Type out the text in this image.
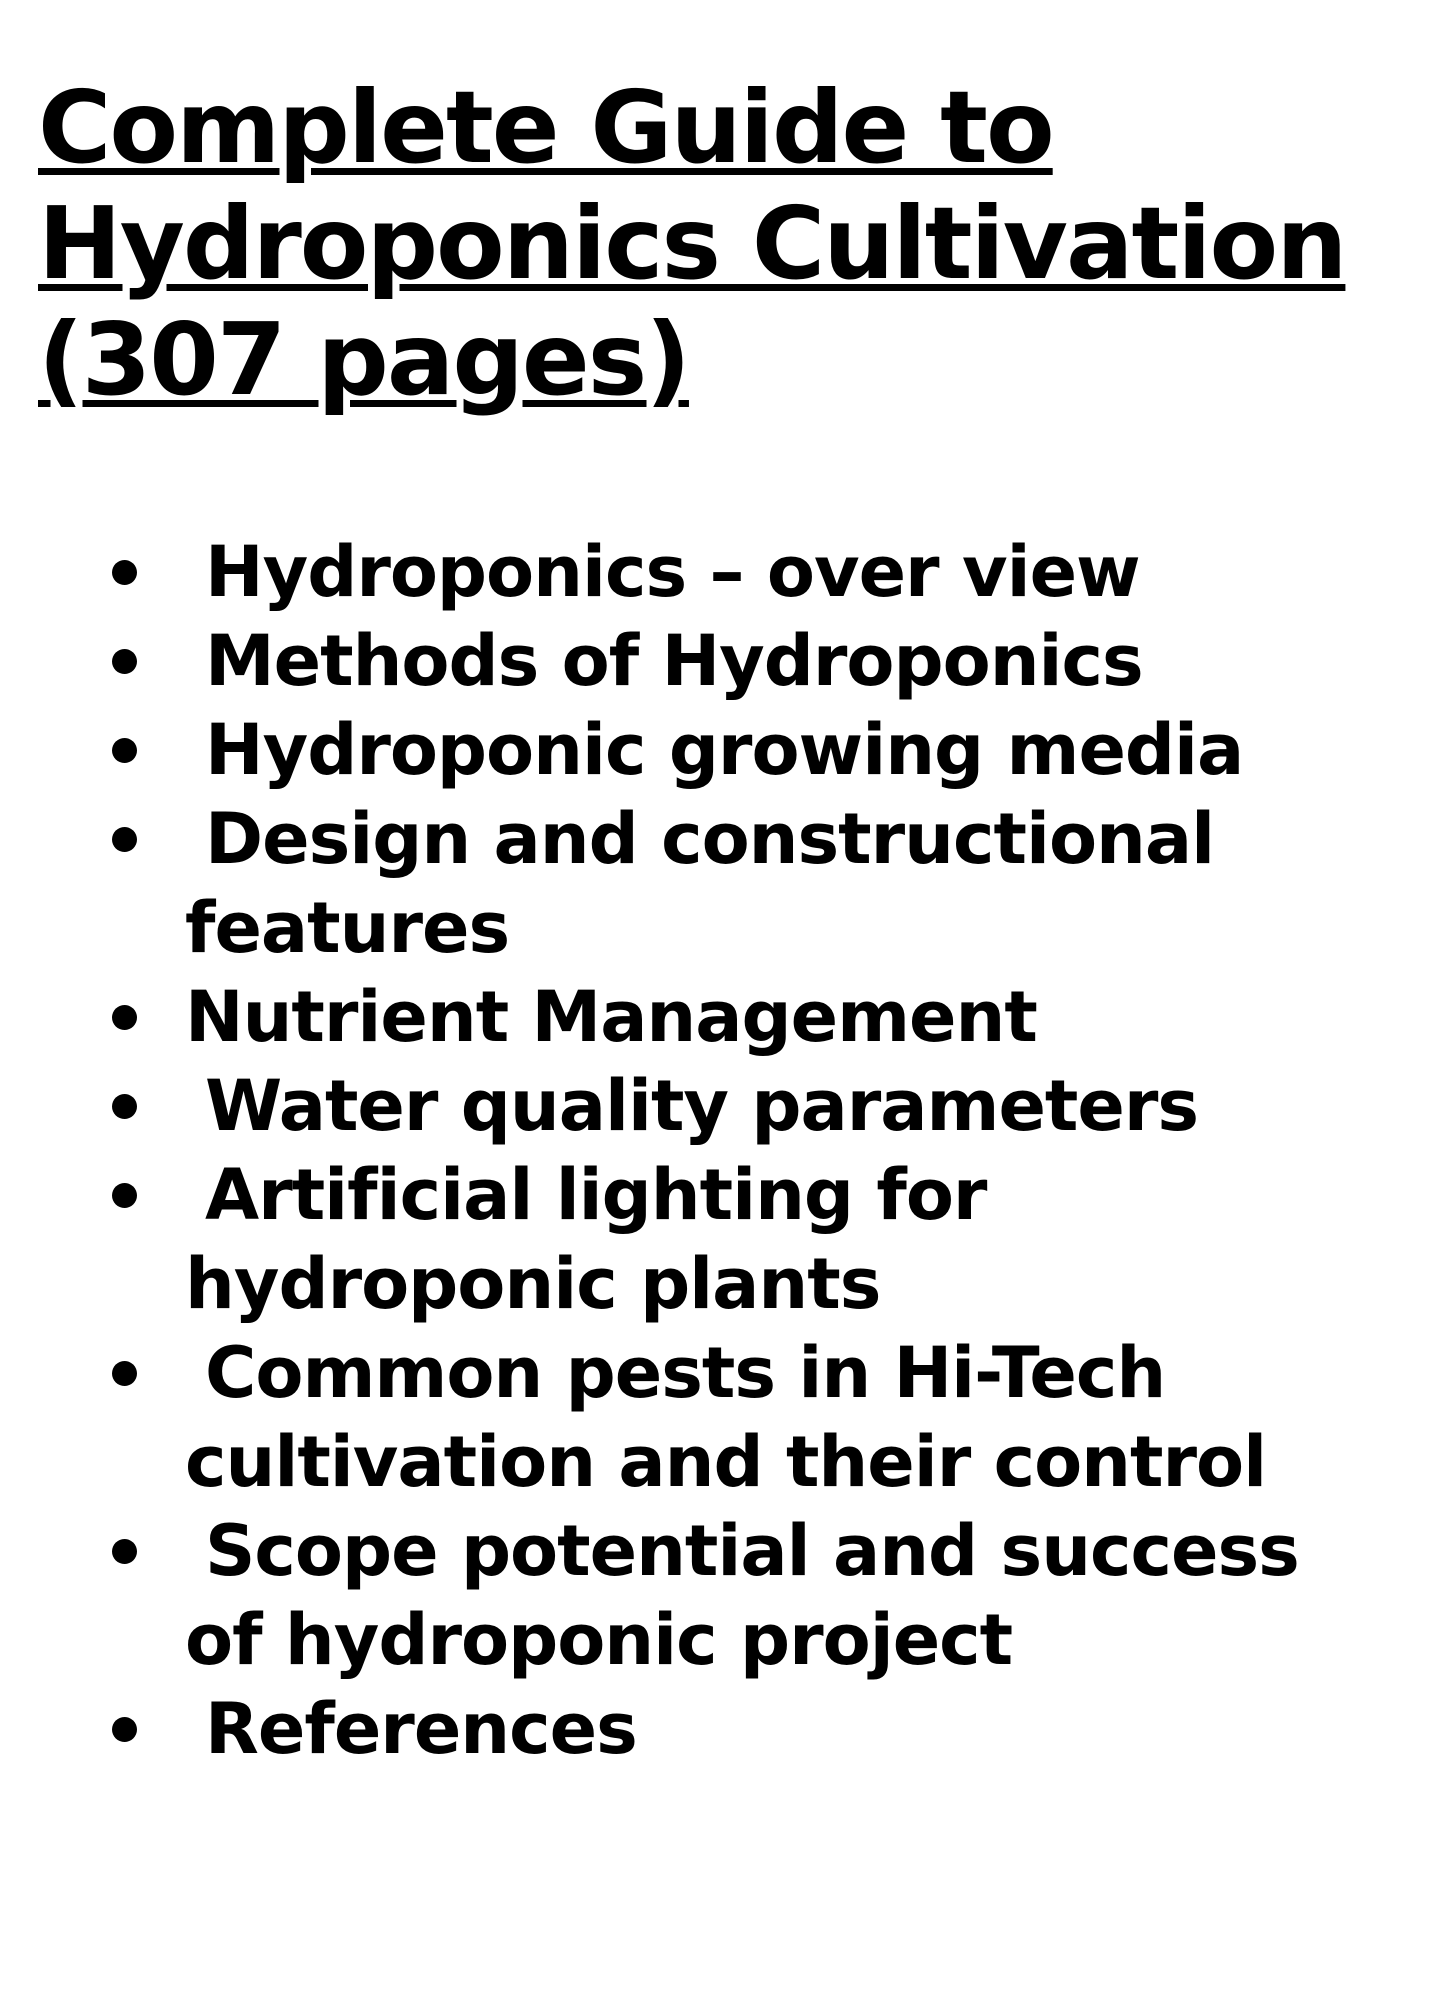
Complete Guide to
Hydroponics Cultivation
(307 pages)
Hydroponics – over view
Methods of Hydroponics
Hydroponic growing media
Design and constructional
features
Nutrient Management
Water quality parameters
Artificial lighting for
hydroponic plants
Common pests in Hi-Tech
cultivation and their control
Scope potential and success
of hydroponic project
References
